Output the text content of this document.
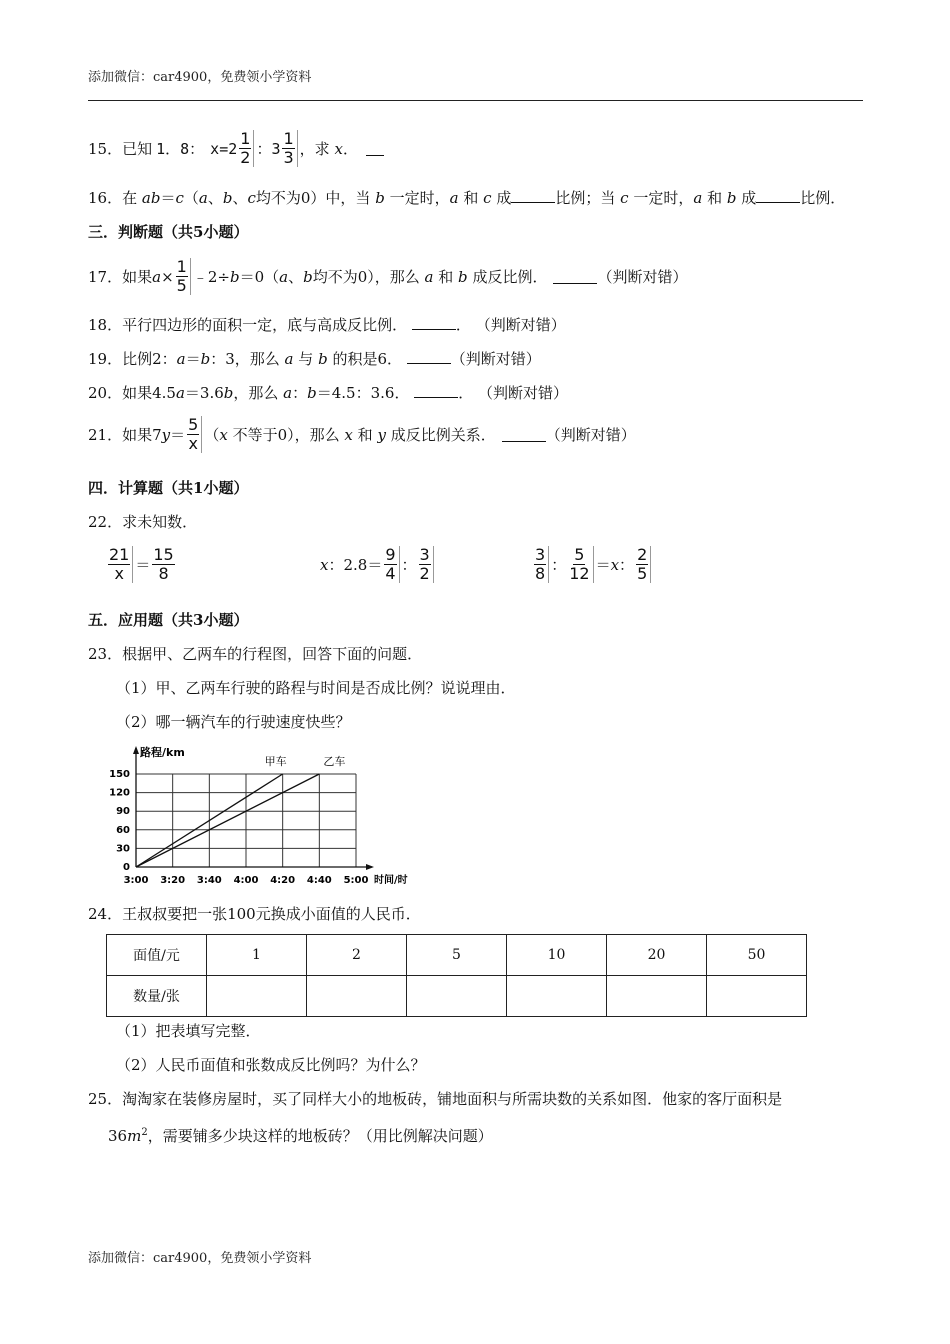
添加微信：car4900，免费领小学资料
15． 已知 1．8： $x=2 \frac{1}{2}$ ：$3 \frac{1}{3}$ ，求
x ．
16．在 ab＝c（a、b、c均不为0）中，当 b 一定时，a 和 c 成	比例；当 c 一定时，a 和 b 成	比例．
三．判断题（共5小题）
17． 如果 $a \times \frac{1}{5}$ ﹣2÷ b ＝0（ a 、 b 均不为0），那么
a
和
b
成反比例．	（判断对错）
18．平行四边形的面积一定，底与高成反比例．	． （判断对错）
19．比例2：a＝b：3，那么 a 与 b 的积是6．	（判断对错）
20．如果4.5a＝3.6b，那么 a：b＝4.5：3.6．	． （判断对错）
21． 如果7 $y = \frac{5}{x}$ （ x
不等于0），那么
x
和
y
成反比例关系．	（判断对错）
四．计算题（共1小题）
22．求未知数．
$\frac{21}{x} = \frac{15}{8}$	x ：$2.8= \frac{9}{4}$ ： $\frac{3}{2}$	$\frac{3}{8}$ ： $\frac{5}{12} = x$ ： $\frac{2}{5}$
五．应用题（共3小题）
23．根据甲、乙两车的行程图，回答下面的问题．
（1）甲、乙两车行驶的路程与时间是否成比例？说说理由．
（2）哪一辆汽车的行驶速度快些？
3:00 3:20 3:40 4:00 4:20 4:40 5:00
0
30
60
90
120
150
路程/km
时间/时
甲车	乙车
24．王叔叔要把一张100元换成小面值的人民币．
面值/元	1	2	5	10	20	50
数量/张						
（1）把表填写完整．
（2）人民币面值和张数成反比例吗？为什么？
25．淘淘家在装修房屋时，买了同样大小的地板砖，铺地面积与所需块数的关系如图．他家的客厅面积是
$36m^2$，需要铺多少块这样的地板砖？（用比例解决问题）
添加微信：car4900，免费领小学资料
